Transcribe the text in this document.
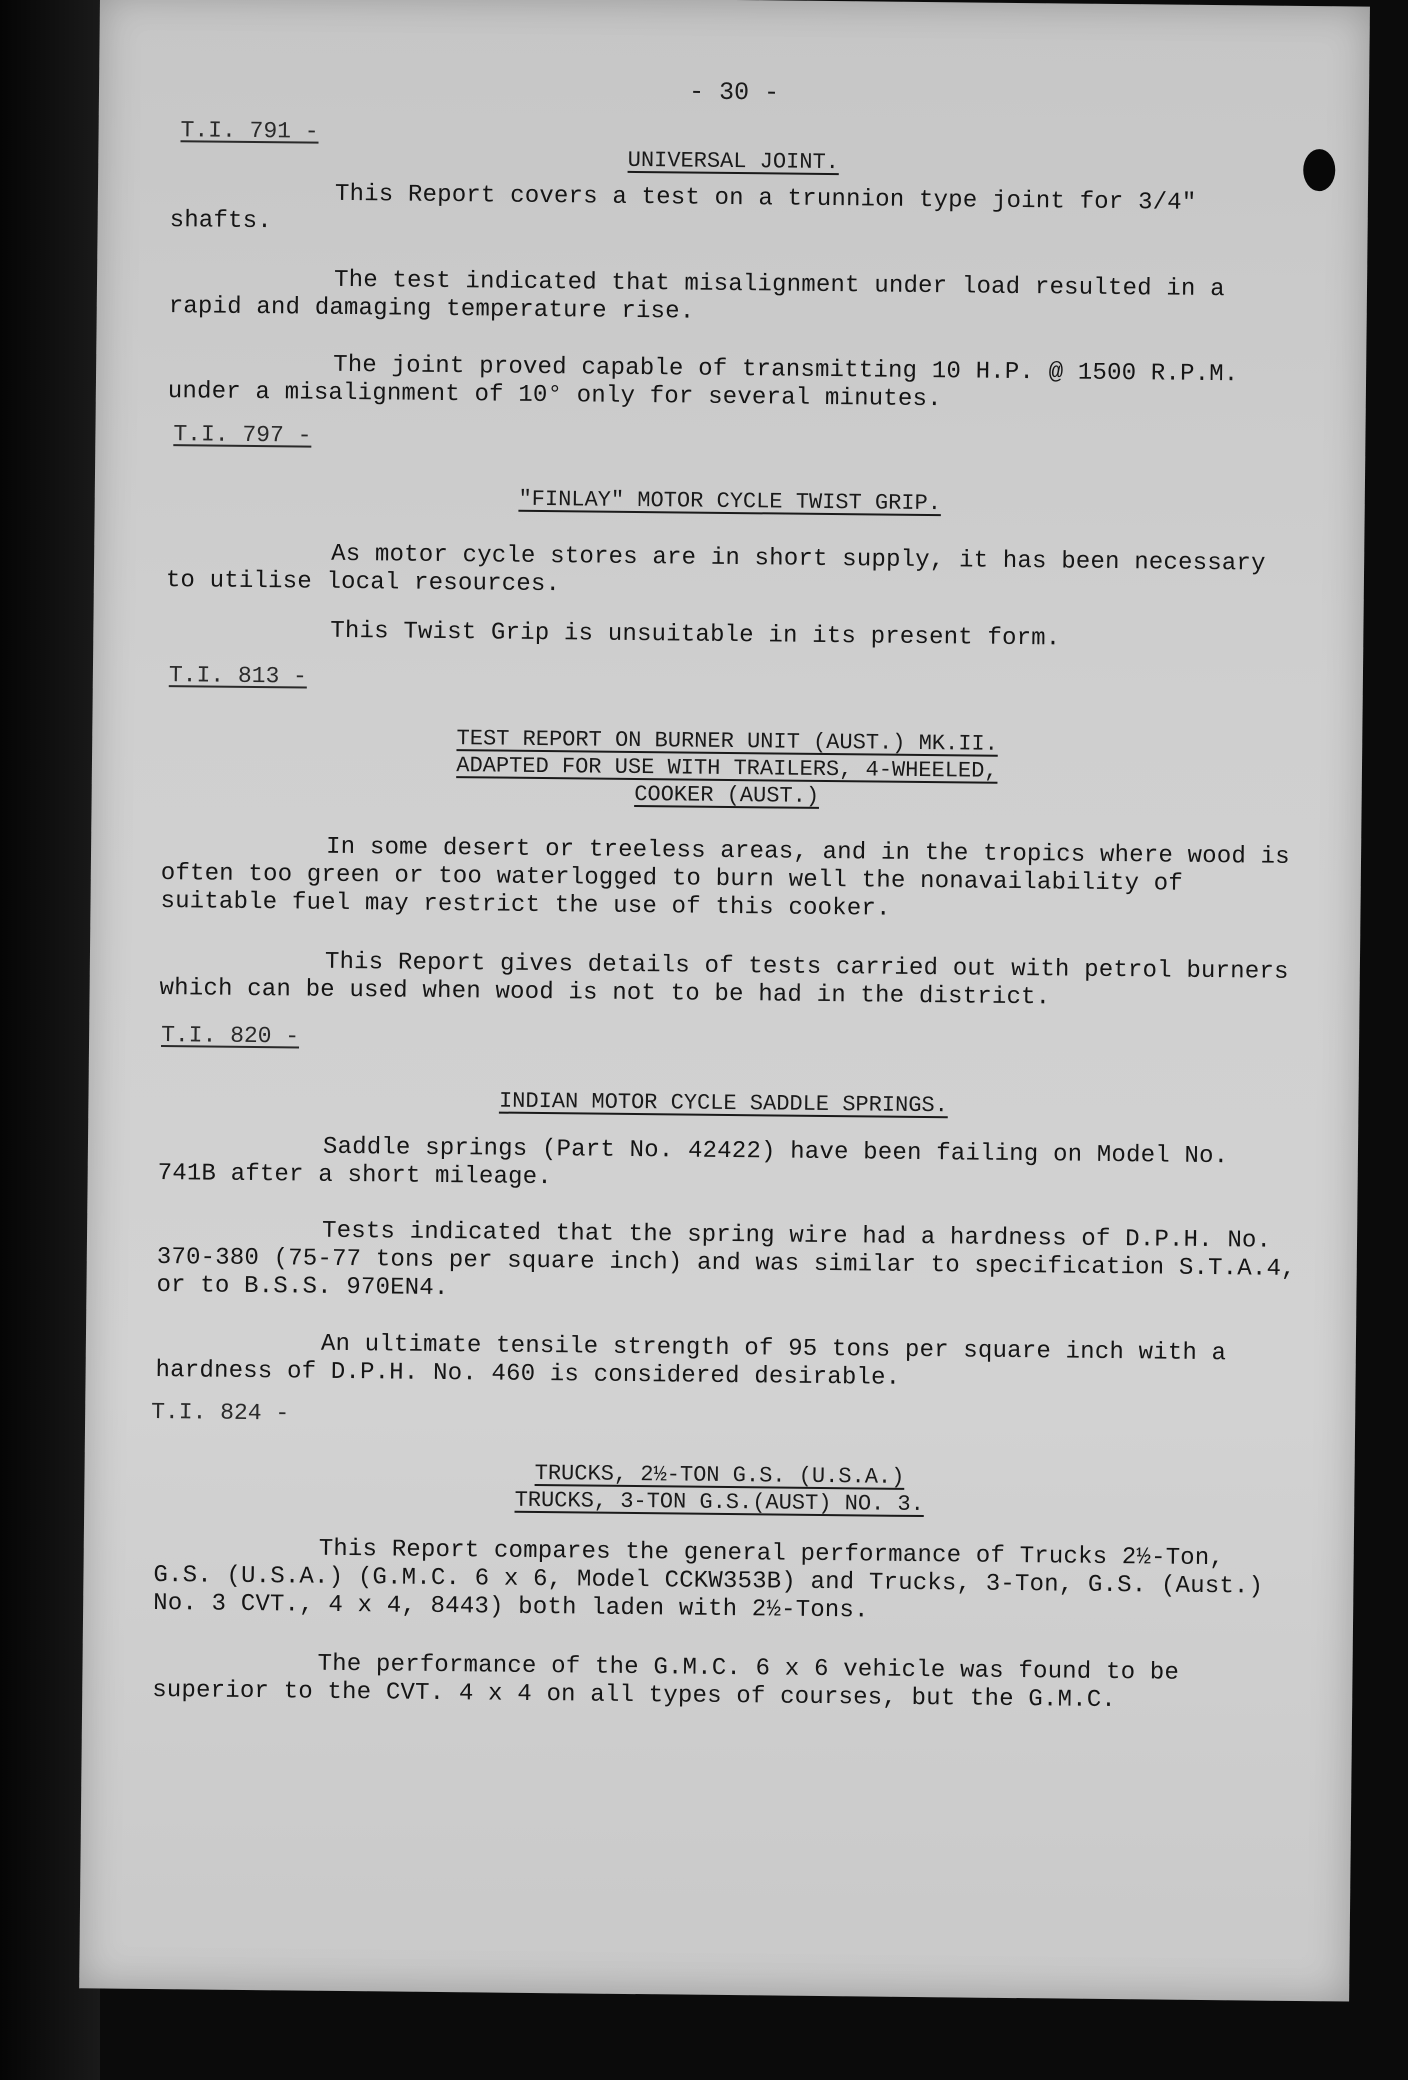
- 30 -
T.I. 791 -
UNIVERSAL JOINT.

This Report covers a test on a trunnion type joint for 3/4" shafts.

The test indicated that misalignment under load resulted in a rapid and damaging temperature rise.

The joint proved capable of transmitting 10 H.P. @ 1500 R.P.M. under a misalignment of 10° only for several minutes.

T.I. 797 -
"FINLAY" MOTOR CYCLE TWIST GRIP.

As motor cycle stores are in short supply, it has been necessary to utilise local resources.

This Twist Grip is unsuitable in its present form.

T.I. 813 -
TEST REPORT ON BURNER UNIT (AUST.) MK.II.
ADAPTED FOR USE WITH TRAILERS, 4-WHEELED,
COOKER (AUST.)

In some desert or treeless areas, and in the tropics where wood is often too green or too waterlogged to burn well the nonavailability of suitable fuel may restrict the use of this cooker.

This Report gives details of tests carried out with petrol burners which can be used when wood is not to be had in the district.

T.I. 820 -
INDIAN MOTOR CYCLE SADDLE SPRINGS.

Saddle springs (Part No. 42422) have been failing on Model No. 741B after a short mileage.

Tests indicated that the spring wire had a hardness of D.P.H. No. 370-380 (75-77 tons per square inch) and was similar to specification S.T.A.4, or to B.S.S. 970EN4.

An ultimate tensile strength of 95 tons per square inch with a hardness of D.P.H. No. 460 is considered desirable.

T.I. 824 -
TRUCKS, 2½-TON G.S. (U.S.A.)
TRUCKS, 3-TON G.S.(AUST) NO. 3.

This Report compares the general performance of Trucks 2½-Ton, G.S. (U.S.A.) (G.M.C. 6 x 6, Model CCKW353B) and Trucks, 3-Ton, G.S. (Aust.) No. 3 CVT., 4 x 4, 8443) both laden with 2½-Tons.

The performance of the G.M.C. 6 x 6 vehicle was found to be superior to the CVT. 4 x 4 on all types of courses, but the G.M.C.
